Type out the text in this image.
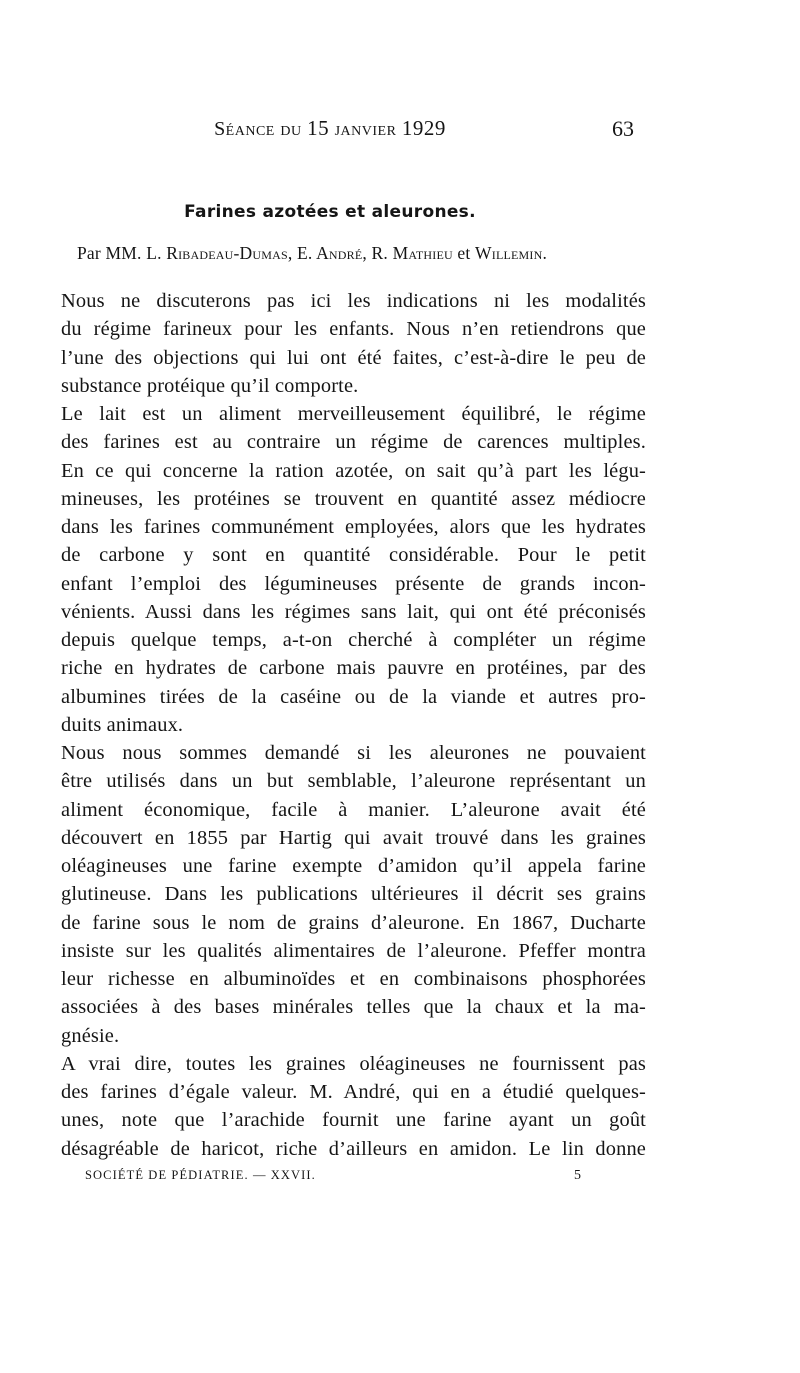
Séance du 15 janvier 1929	63
Farines azotées et aleurones.
Par MM. L. Ribadeau-Dumas, E. André, R. Mathieu et Willemin.
Nous ne discuterons pas ici les indications ni les modalités
du régime farineux pour les enfants. Nous n’en retiendrons que
l’une des objections qui lui ont été faites, c’est-à-dire le peu de
substance protéique qu’il comporte.
Le lait est un aliment merveilleusement équilibré, le régime
des farines est au contraire un régime de carences multiples.
En ce qui concerne la ration azotée, on sait qu’à part les légu-
mineuses, les protéines se trouvent en quantité assez médiocre
dans les farines communément employées, alors que les hydrates
de carbone y sont en quantité considérable. Pour le petit
enfant l’emploi des légumineuses présente de grands incon-
vénients. Aussi dans les régimes sans lait, qui ont été préconisés
depuis quelque temps, a-t-on cherché à compléter un régime
riche en hydrates de carbone mais pauvre en protéines, par des
albumines tirées de la caséine ou de la viande et autres pro-
duits animaux.
Nous nous sommes demandé si les aleurones ne pouvaient
être utilisés dans un but semblable, l’aleurone représentant un
aliment économique, facile à manier. L’aleurone avait été
découvert en 1855 par Hartig qui avait trouvé dans les graines
oléagineuses une farine exempte d’amidon qu’il appela farine
glutineuse. Dans les publications ultérieures il décrit ses grains
de farine sous le nom de grains d’aleurone. En 1867, Ducharte
insiste sur les qualités alimentaires de l’aleurone. Pfeffer montra
leur richesse en albuminoïdes et en combinaisons phosphorées
associées à des bases minérales telles que la chaux et la ma-
gnésie.
A vrai dire, toutes les graines oléagineuses ne fournissent pas
des farines d’égale valeur. M. André, qui en a étudié quelques-
unes, note que l’arachide fournit une farine ayant un goût
désagréable de haricot, riche d’ailleurs en amidon. Le lin donne
SOCIÉTÉ DE PÉDIATRIE. — XXVII.	5
